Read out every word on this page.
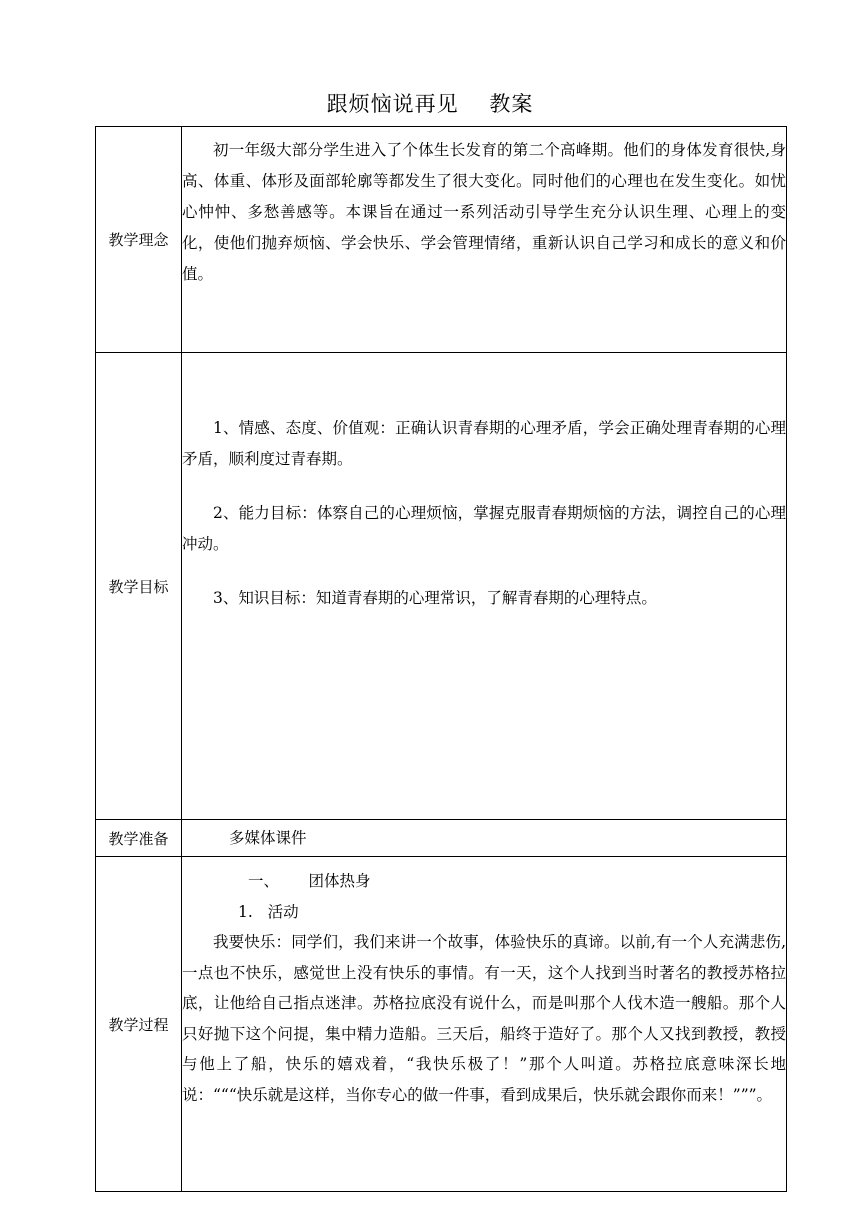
跟烦恼说再见    教案
教学理念	初一年级大部分学生进入了个体生长发育的第二个高峰期。他们的身体发育很快,身高、体重、体形及面部轮廓等都发生了很大变化。同时他们的心理也在发生变化。如忧心忡忡、多愁善感等。本课旨在通过一系列活动引导学生充分认识生理、心理上的变化，使他们抛弃烦恼、学会快乐、学会管理情绪，重新认识自己学习和成长的意义和价值。

教学目标	1、情感、态度、价值观：正确认识青春期的心理矛盾，学会正确处理青春期的心理矛盾，顺利度过青春期。

2、能力目标：体察自己的心理烦恼，掌握克服青春期烦恼的方法，调控自己的心理冲动。

3、知识目标：知道青春期的心理常识，了解青春期的心理特点。

教学准备	多媒体课件
教学过程	一、      团体热身

1.   活动

我要快乐：同学们，我们来讲一个故事，体验快乐的真谛。以前,有一个人充满悲伤,一点也不快乐，感觉世上没有快乐的事情。有一天，这个人找到当时著名的教授苏格拉底，让他给自己指点迷津。苏格拉底没有说什么，而是叫那个人伐木造一艘船。那个人只好抛下这个问提，集中精力造船。三天后，船终于造好了。那个人又找到教授，教授与他上了船，快乐的嬉戏着，“我快乐极了！”那个人叫道。苏格拉底意味深长地说：“““快乐就是这样，当你专心的做一件事，看到成果后，快乐就会跟你而来！”””。
